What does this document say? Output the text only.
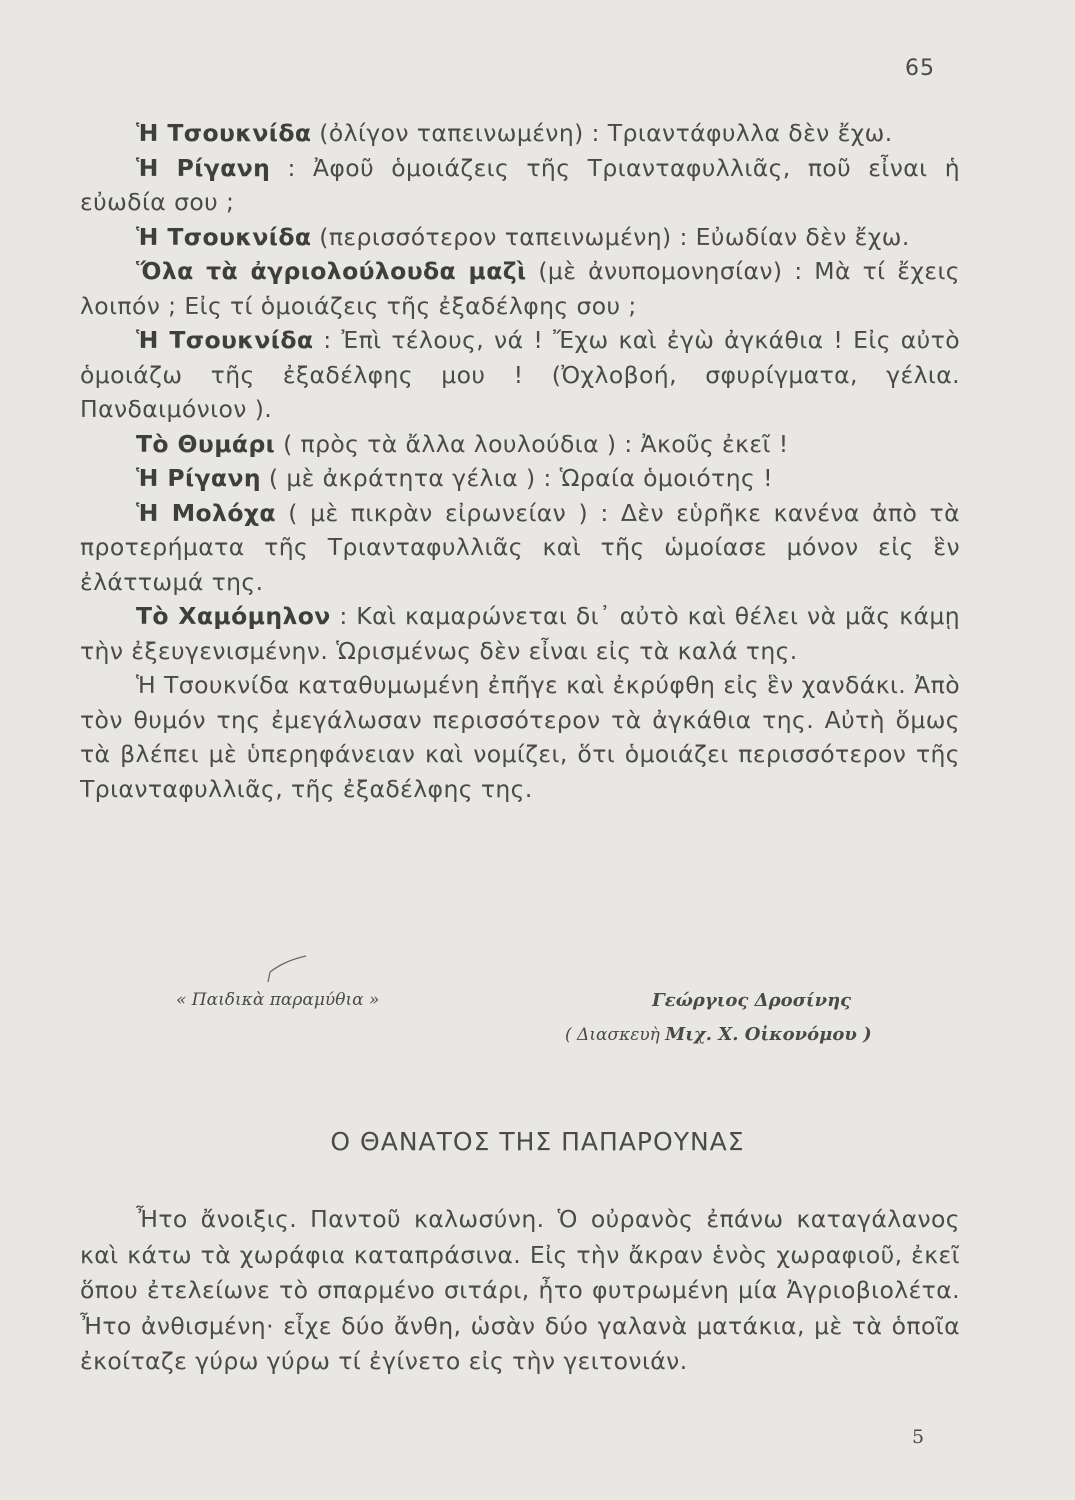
65

Ἡ Τσουκνίδα (ὀλίγον ταπεινωμένη) : Τριαντάφυλλα δὲν ἔχω.

Ἡ Ρίγανη : Ἀφοῦ ὁμοιάζεις τῆς Τριανταφυλλιᾶς, ποῦ εἶναι ἡ εὐωδία σου ;

Ἡ Τσουκνίδα (περισσότερον ταπεινωμένη) : Εὐωδίαν δὲν ἔχω.

Ὅλα τὰ ἀγριολούλουδα μαζὶ (μὲ ἀνυπομονησίαν) : Μὰ τί ἔχεις λοιπόν ; Εἰς τί ὁμοιάζεις τῆς ἐξαδέλφης σου ;

Ἡ Τσουκνίδα : Ἐπὶ τέλους, νά ! Ἔχω καὶ ἐγὼ ἀγκάθια ! Εἰς αὐτὸ ὁμοιάζω τῆς ἐξαδέλφης μου ! (Ὀχλοβοή, σφυρίγματα, γέλια. Πανδαιμόνιον ).

Τὸ Θυμάρι ( πρὸς τὰ ἄλλα λουλούδια ) : Ἀκοῦς ἐκεῖ !

Ἡ Ρίγανη ( μὲ ἀκράτητα γέλια ) : Ὡραία ὁμοιότης !

Ἡ Μολόχα ( μὲ πικρὰν εἰρωνείαν ) : Δὲν εὑρῆκε κανένα ἀπὸ τὰ προτερήματα τῆς Τριανταφυλλιᾶς καὶ τῆς ὡμοίασε μόνον εἰς ἓν ἐλάττωμά της.

Τὸ Χαμόμηλον : Καὶ καμαρώνεται δι᾽ αὐτὸ καὶ θέλει νὰ μᾶς κάμῃ τὴν ἐξευγενισμένην. Ὡρισμένως δὲν εἶναι εἰς τὰ καλά της.

Ἡ Τσουκνίδα καταθυμωμένη ἐπῆγε καὶ ἐκρύφθη εἰς ἓν χανδάκι. Ἀπὸ τὸν θυμόν της ἐμεγάλωσαν περισσότερον τὰ ἀγκάθια της. Αὐτὴ ὅμως τὰ βλέπει μὲ ὑπερηφάνειαν καὶ νομίζει, ὅτι ὁμοιάζει περισσότερον τῆς Τριανταφυλλιᾶς, τῆς ἐξαδέλφης της.

« Παιδικὰ παραμύθια »	Γεώργιος Δροσίνης
( Διασκευὴ Μιχ. Χ. Οἰκονόμου )
Ο ΘΑΝΑΤΟΣ ΤΗΣ ΠΑΠΑΡΟΥΝΑΣ

Ἦτο ἄνοιξις. Παντοῦ καλωσύνη. Ὁ οὐρανὸς ἐπάνω καταγάλανος καὶ κάτω τὰ χωράφια καταπράσινα. Εἰς τὴν ἄκραν ἑνὸς χωραφιοῦ, ἐκεῖ ὅπου ἐτελείωνε τὸ σπαρμένο σιτάρι, ἦτο φυτρωμένη μία Ἀγριοβιολέτα. Ἦτο ἀνθισμένη· εἶχε δύο ἄνθη, ὡσὰν δύο γαλανὰ ματάκια, μὲ τὰ ὁποῖα ἐκοίταζε γύρω γύρω τί ἐγίνετο εἰς τὴν γειτονιάν.

5
